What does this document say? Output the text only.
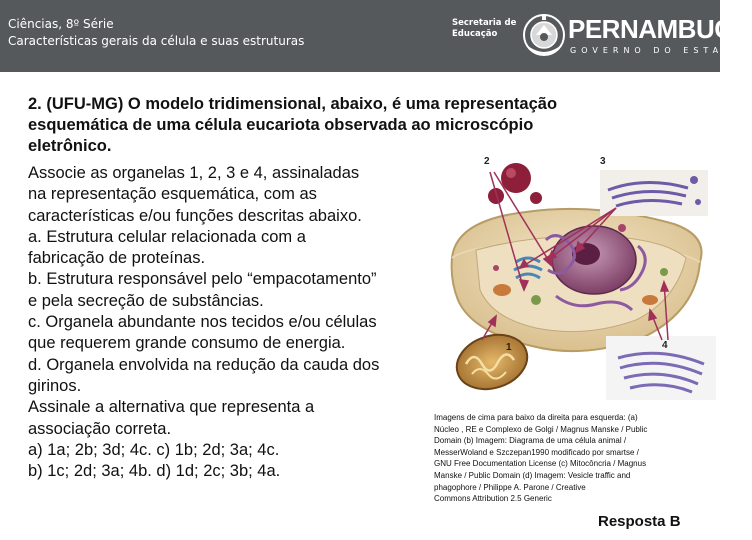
Ciências, 8º Série
Características gerais da célula e suas estruturas
Secretaria de
Educação	PERNAMBUCO
GOVERNO DO ESTADO
2. (UFU-MG) O modelo tridimensional, abaixo, é uma representação
esquemática de uma célula eucariota observada ao microscópio
eletrônico.
Associe as organelas 1, 2, 3 e 4, assinaladas
na representação esquemática, com as
características e/ou funções descritas abaixo.
a. Estrutura celular relacionada com a
fabricação de proteínas.
b. Estrutura responsável pelo “empacotamento”
e pela secreção de substâncias.
c. Organela abundante nos tecidos e/ou células
que requerem grande consumo de energia.
d. Organela envolvida na redução da cauda dos
girinos.
Assinale a alternativa que representa a
associação correta.
a) 1a; 2b; 3d; 4c. c) 1b; 2d; 3a; 4c.
b) 1c; 2d; 3a; 4b. d) 1d; 2c; 3b; 4a.
2	3
1	4
Imagens de cima para baixo da direita para esquerda: (a)
Núcleo , RE e Complexo de Golgi / Magnus Manske / Public
Domain (b) Imagem: Diagrama de uma célula animal /
MesserWoland e Szczepan1990 modificado por smartse /
GNU Free Documentation License (c) Mitocôncria / Magnus
Manske / Public Domain (d) Imagem: Vesicle traffic and
phagophore / Philippe A. Parone / Creative
Commons Attribution 2.5 Generic
Resposta B
